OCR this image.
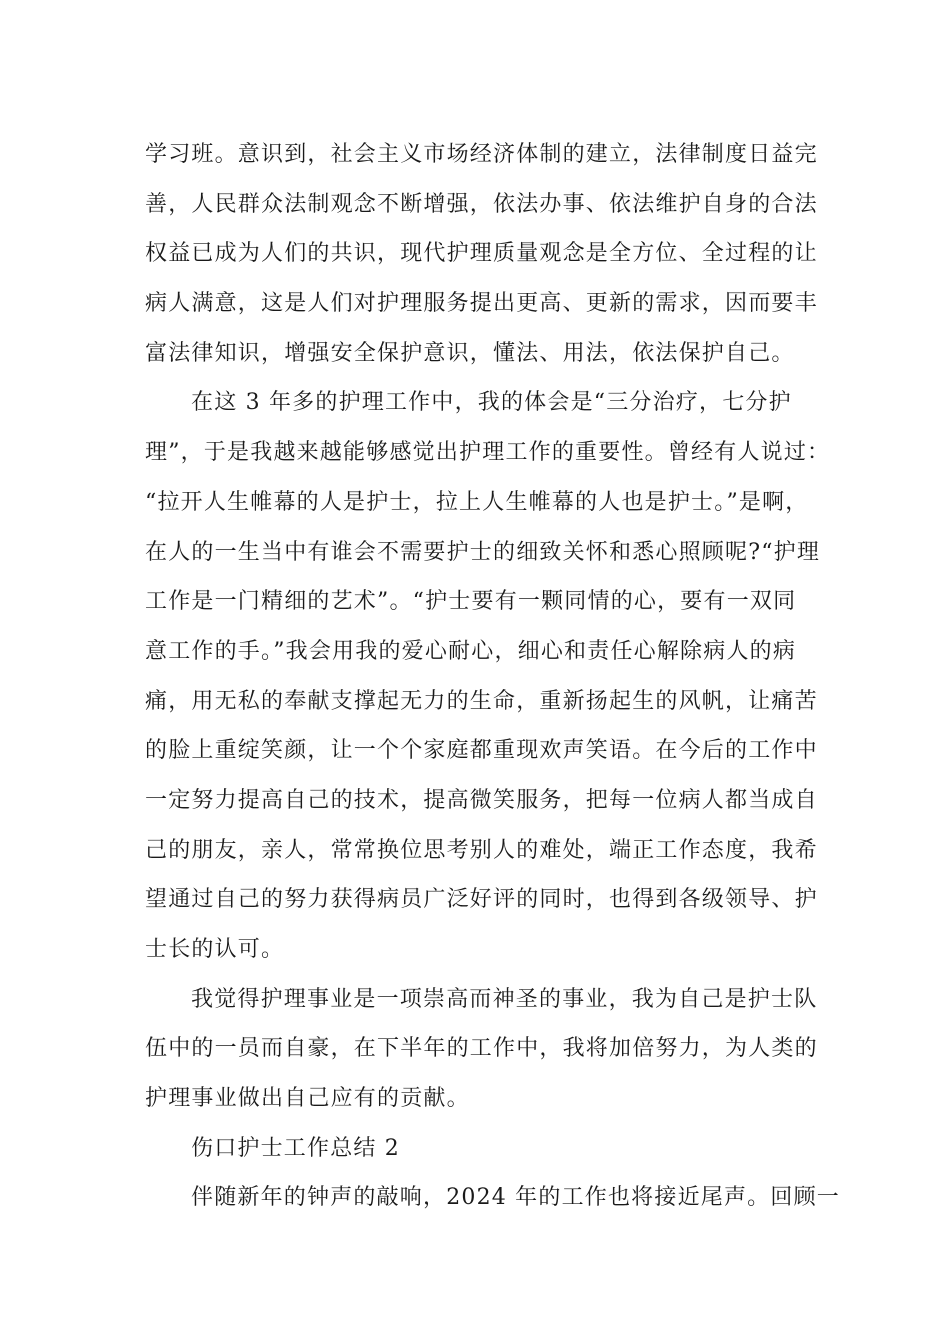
学习班。意识到，社会主义市场经济体制的建立，法律制度日益完
善，人民群众法制观念不断增强，依法办事、依法维护自身的合法
权益已成为人们的共识，现代护理质量观念是全方位、全过程的让
病人满意，这是人们对护理服务提出更高、更新的需求，因而要丰
富法律知识，增强安全保护意识，懂法、用法，依法保护自己。
在这 3 年多的护理工作中，我的体会是“三分治疗，七分护
理”，于是我越来越能够感觉出护理工作的重要性。曾经有人说过：
“拉开人生帷幕的人是护士，拉上人生帷幕的人也是护士。”是啊，
在人的一生当中有谁会不需要护士的细致关怀和悉心照顾呢?“护理
工作是一门精细的艺术”。“护士要有一颗同情的心，要有一双同
意工作的手。”我会用我的爱心耐心，细心和责任心解除病人的病
痛，用无私的奉献支撑起无力的生命，重新扬起生的风帆，让痛苦
的脸上重绽笑颜，让一个个家庭都重现欢声笑语。在今后的工作中
一定努力提高自己的技术，提高微笑服务，把每一位病人都当成自
己的朋友，亲人，常常换位思考别人的难处，端正工作态度，我希
望通过自己的努力获得病员广泛好评的同时，也得到各级领导、护
士长的认可。
我觉得护理事业是一项崇高而神圣的事业，我为自己是护士队
伍中的一员而自豪，在下半年的工作中，我将加倍努力，为人类的
护理事业做出自己应有的贡献。
伤口护士工作总结 2
伴随新年的钟声的敲响，2024 年的工作也将接近尾声。回顾一
